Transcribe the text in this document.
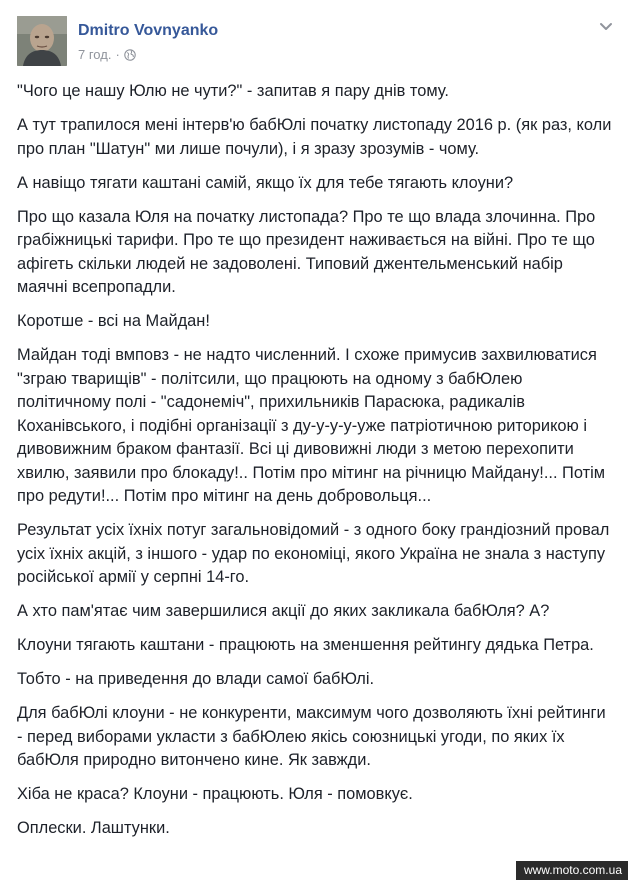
Dmitro Vovnyanko
7 год. ·

"Чого це нашу Юлю не чути?" - запитав я пару днів тому.

А тут трапилося мені інтерв'ю бабЮлі початку листопаду 2016 р. (як раз, коли про план "Шатун" ми лише почули), і я зразу зрозумів - чому.

А навіщо тягати каштані самій, якщо їх для тебе тягають клоуни?

Про що казала Юля на початку листопада? Про те що влада злочинна. Про грабіжницькі тарифи. Про те що президент наживається на війні. Про те що афігеть скільки людей не задоволені. Типовий джентельменський набір маячні всепропадли.

Коротше - всі на Майдан!

Майдан тоді вмповз - не надто численний. І схоже примусив захвилюватися "зграю тварищів" - політсили, що працюють на одному з бабЮлею політичному полі - "садонеміч", прихильників Парасюка, радикалів Коханівського, і подібні організації з ду-у-у-у-уже патріотичною риторикою і дивовижним браком фантазії. Всі ці дивовижні люди з метою перехопити хвилю, заявили про блокаду!.. Потім про мітинг на річницю Майдану!... Потім про редути!... Потім про мітинг на день добровольця...

Результат усіх їхніх потуг загальновідомий - з одного боку грандіозний провал усіх їхніх акцій, з іншого - удар по економіці, якого Україна не знала з наступу російської армії у серпні 14-го.

А хто пам'ятає чим завершилися акції до яких закликала бабЮля? А?

Клоуни тягають каштани - працюють на зменшення рейтингу дядька Петра.

Тобто - на приведення до влади самої бабЮлі.

Для бабЮлі клоуни - не конкуренти, максимум чого дозволяють їхні рейтинги - перед виборами укласти з бабЮлею якісь союзницькі угоди, по яких їх бабЮля природно витончено кине. Як завжди.

Хіба не краса? Клоуни - працюють. Юля - помовкує.

Оплески. Лаштунки.

www.moto.com.ua
